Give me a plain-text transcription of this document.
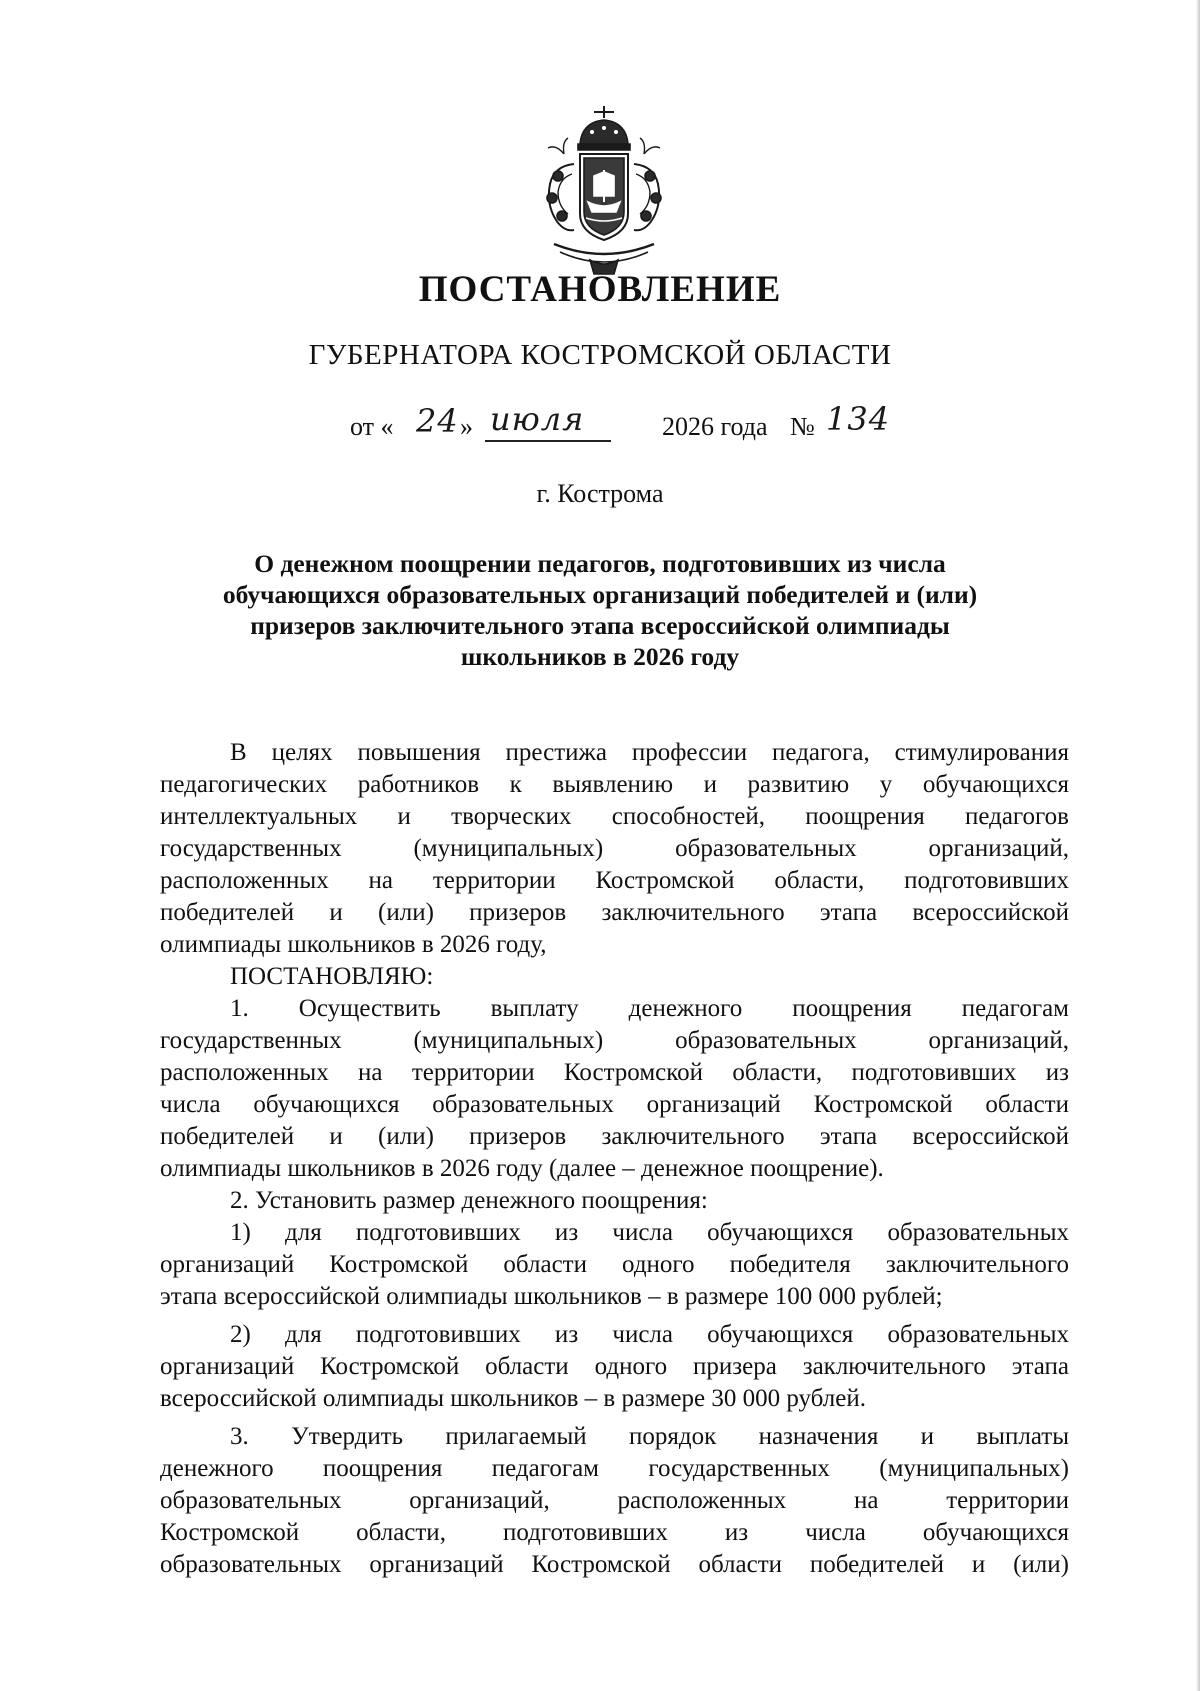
ПОСТАНОВЛЕНИЕ
ГУБЕРНАТОРА КОСТРОМСКОЙ ОБЛАСТИ
от « 24 » июля	2026 года № 134
г. Кострома
О денежном поощрении педагогов, подготовивших из числа
обучающихся образовательных организаций победителей и (или)
призеров заключительного этапа всероссийской олимпиады
школьников в 2026 году
В целях повышения престижа профессии педагога, стимулирования
педагогических работников к выявлению и развитию у обучающихся
интеллектуальных и творческих способностей, поощрения педагогов
государственных (муниципальных) образовательных организаций,
расположенных на территории Костромской области, подготовивших
победителей и (или) призеров заключительного этапа всероссийской
олимпиады школьников в 2026 году,
ПОСТАНОВЛЯЮ:
1. Осуществить выплату денежного поощрения педагогам
государственных (муниципальных) образовательных организаций,
расположенных на территории Костромской области, подготовивших из
числа обучающихся образовательных организаций Костромской области
победителей и (или) призеров заключительного этапа всероссийской
олимпиады школьников в 2026 году (далее – денежное поощрение).
2. Установить размер денежного поощрения:
1) для подготовивших из числа обучающихся образовательных
организаций Костромской области одного победителя заключительного
этапа всероссийской олимпиады школьников – в размере 100 000 рублей;
2) для подготовивших из числа обучающихся образовательных
организаций Костромской области одного призера заключительного этапа
всероссийской олимпиады школьников – в размере 30 000 рублей.
3. Утвердить прилагаемый порядок назначения и выплаты
денежного поощрения педагогам государственных (муниципальных)
образовательных организаций, расположенных на территории
Костромской области, подготовивших из числа обучающихся
образовательных организаций Костромской области победителей и (или)
